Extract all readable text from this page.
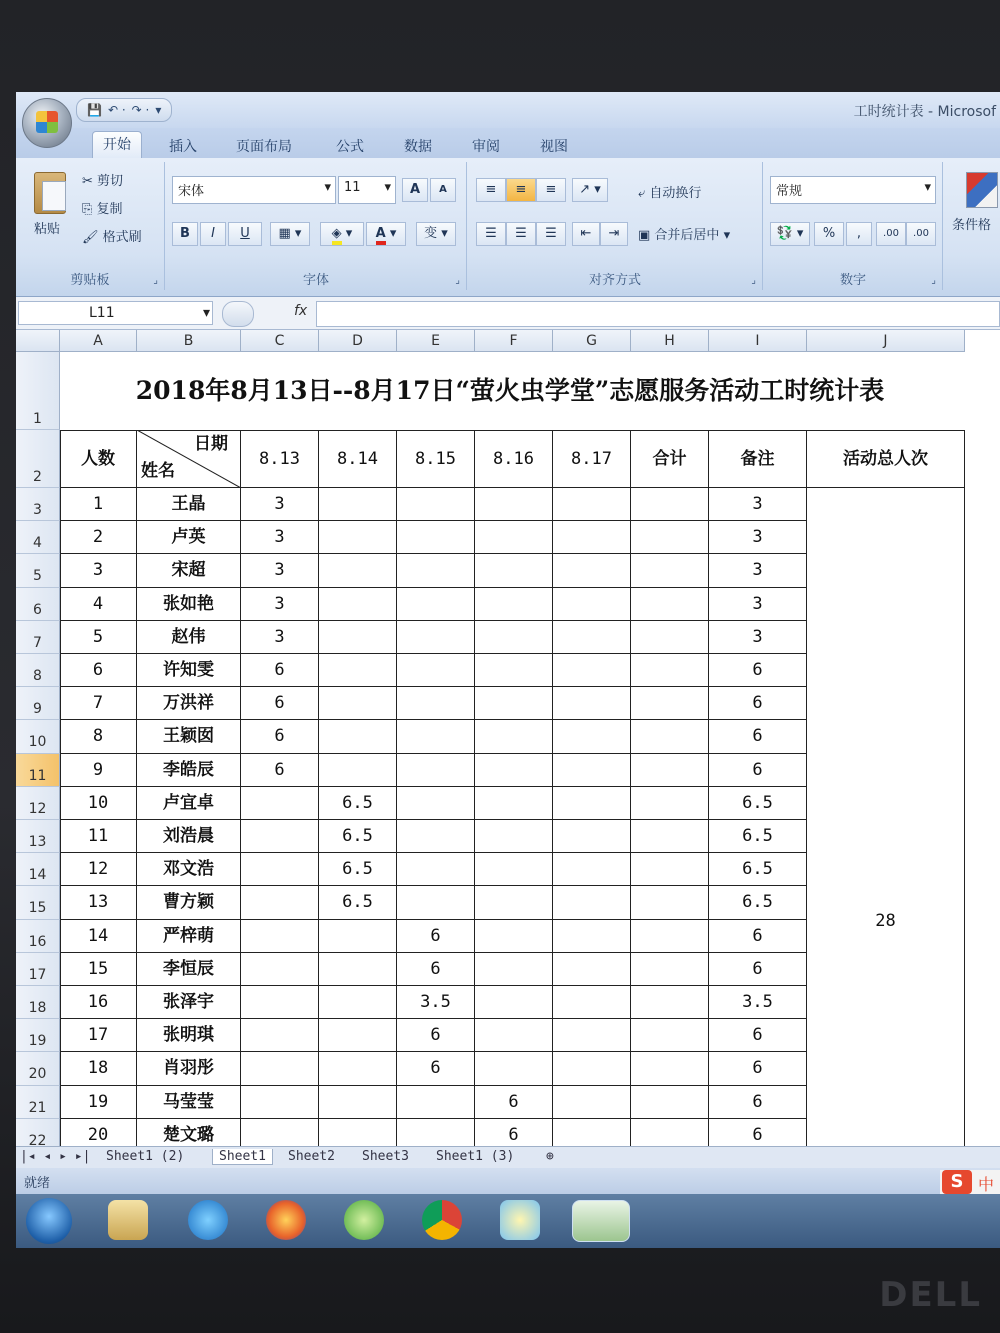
💾 ↶ · ↷ · ▾	工时统计表 - Microsof
开始	插入	页面布局	公式	数据	审阅	视图
粘贴
✂ 剪切
⎘ 复制
🖌 格式刷
剪贴板	⌟
宋体	▾	11 ▾	A	A
B	I	U	▦ ▾	◈ ▾	A ▾	变 ▾
字体	⌟
≡	≡	≡	↗ ▾	⤶ 自动换行
☰	☰	☰	⇤	⇥	▣ 合并后居中 ▾
对齐方式	⌟
常规	▾
💱 ▾	%	,	.00	.00
数字	⌟
条件格
L11	▾	fx
A	B	C	D	E	F	G	H	I	J
1
2
2018年8月13日--8月17日“萤火虫学堂”志愿服务活动工时统计表
人数
日期
姓名
8.13	8.14	8.15	8.16	8.17	合计	备注	活动总人次
3	1	王晶	3	3
4	2	卢英	3	3
5	3	宋超	3	3
6	4	张如艳	3	3
7	5	赵伟	3	3
8	6	许知雯	6	6
9	7	万洪祥	6	6
10	8	王颖囡	6	6
11	9	李皓辰	6	6
12	10	卢宜卓	6.5	6.5
13	11	刘浩晨	6.5	6.5
14	12	邓文浩	6.5	6.5
15	13	曹方颖	6.5	6.5
16	14	严梓萌	6	6
17	15	李恒辰	6	6
18	16	张泽宇	3.5	3.5
19	17	张明琪	6	6
20	18	肖羽彤	6	6
21	19	马莹莹	6	6
22	20	楚文璐	6	6
28
|◂ ◂ ▸ ▸| Sheet1 (2)	Sheet1	Sheet2 Sheet3 Sheet1 (3) ⊕
就绪	S 中
DELL
